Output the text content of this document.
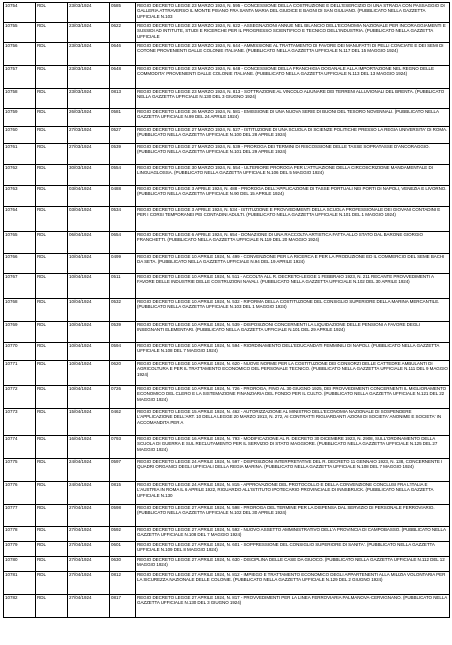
10754	RDL	23/03/1924	0585	REGIO DECRETO LEGGE 23 MARZO 1924, N. 595 - CONCESSIONE DELLA COSTRUZIONE E DELL'ESERCIZIO DI UNA STRADA CON PASSAGGIO DI GALLERIA ATTRAVERSO IL MONTE PISANO FRA SANTA MARIA DEL GIUDICE E BAGNI DI SAN GIULIANO. (PUBBLICATO NELLA GAZZETTA UFFICIALE N.103
10755	RDL	23/03/1924	0622	REGIO DECRETO LEGGE 23 MARZO 1924, N. 622 - ASSEGNAZIONI ANNUE NEL BILANCIO DELL'ECONOMIA NAZIONALE PER INCORAGGIAMENTI E SUSSIDI AD INTITUTE, STUDI E RICERCHE PER IL PROGRESSO SCIENTIFICO E TECNICO DELL'INDUSTRIA. (PUBBLICATO NELLA GAZZETTA UFFICIALE
10756	RDL	23/03/1924	0646	REGIO DECRETO LEGGE 23 MARZO 1924, N. 644 - AMMISSIONE AL TRATTAMENTO DI FAVORE DEI MANUFATTI DI PELLI CONCIATE E DEI SEMI DI COTONE PROVENIENTI DALLE COLONIE ITALIANE. (PUBBLICATO NELLA GAZZETTA UFFICIALE N.117 DEL 15 MAGGIO 1924)
10757	RDL	23/03/1924	0648	REGIO DECRETO LEGGE 23 MARZO 1924, N. 648 - CONCESSIONE DELLA FRANCHIGIA DOGANALE ALLA IMPORTAZIONE NEL REGNO DELLE COMMODITA' PROVENIENTI DALLE COLONIE ITALIANE. (PUBBLICATO NELLA GAZZETTA UFFICIALE N.113 DEL 13 MAGGIO 1924)
10758	RDL	23/03/1924	0813	REGIO DECRETO LEGGE 23 MARZO 1924, N. 813 - SOTTRAZIONE AL VINCOLO ALIUNARE DEI TERRENI ALLUVIONALI DEL BRENTA. (PUBBLICATO NELLA GAZZETTA UFFICIALE N.130 DEL 3 GIUGNO 1924)
10759	RDL	26/03/1924	0581	REGIO DECRETO LEGGE 26 MARZO 1924, N. 581 - EMISSIONE DI UNA NUOVA SERIE DI BUONI DEL TESORO NOVENNALI. (PUBBLICATO NELLA GAZZETTA UFFICIALE N.99 DEL 24 APRILE 1924)
10760	RDL	27/03/1924	0527	REGIO DECRETO LEGGE 27 MARZO 1924, N. 527 - ISTITUZIONE DI UNA SCUOLA DI SCIENZE POLITICHE PRESSO LA REGIA UNIVERSITA' DI ROMA. (PUBBLICATO NELLA GAZZETTA UFFICIALE N.100 DEL 28 APRILE 1924)
10761	RDL	27/03/1924	0539	REGIO DECRETO LEGGE 27 MARZO 1924, N. 539 - PROROGA DEI TERMINI DI RISCOSSIONE DELLE TASSE SOPRATASSE D'ANCORAGGIO. (PUBBLICATO NELLA GAZZETTA UFFICIALE N.101 DEL 29 APRILE 1924)
10762	RDL	30/03/1924	0554	REGIO DECRETO LEGGE 30 MARZO 1924, N. 554 - ULTERIORE PROROGA PER L'ATTUAZIONE DELLA CIRCOSCRIZIONE MANDAMENTALE DI LINGUAGLOSSA. (PUBBLICATO NELLA GAZZETTA UFFICIALE N.106 DEL 5 MAGGIO 1924)
10763	RDL	03/04/1924	0488	REGIO DECRETO LEGGE 3 APRILE 1924, N. 488 - PROROGA DELL'APPLICAZIONE DI TASSE PORTUALI NEI PORTI DI NAPOLI, VENEZIA E LIVORNO. (PUBBLICATO NELLA GAZZETTA UFFICIALE N.90 DEL 15 APRILE 1924)
10764	RDL	03/04/1924	0534	REGIO DECRETO LEGGE 3 APRILE 1924, N. 534 - ISTITUZIONE E PROVVEDIMENTI DELLA SCUOLA PROFESSIONALE DEI GIOVANI CONTADINI E PER I CORSI TEMPORANEI PEI CONTADINI ADULTI. (PUBBLICATO NELLA GAZZETTA UFFICIALE N.101 DEL 1 MAGGIO 1924)
10765	RDL	06/04/1924	0654	REGIO DECRETO LEGGE 6 APRILE 1924, N. 654 - DONAZIONE DI UNA RACCOLTA ARTISTICA FATTA ALLO STATO DAL BARONE GIORGIO FRANCHETTI. (PUBBLICATO NELLA GAZZETTA UFFICIALE N.119 DEL 20 MAGGIO 1924)
10766	RDL	10/04/1924	0499	REGIO DECRETO LEGGE 10 APRILE 1924, N. 499 - CONVENZIONE PER LA RICERCA E PER LA PRODUZIONE ED IL COMMERCIO DEL SEME BACHI DA SETA. (PUBBLICATO NELLA GAZZETTA UFFICIALE N.94 DEL 19 APRILE 1924)
10767	RDL	10/04/1924	0511	REGIO DECRETO LEGGE 10 APRILE 1924, N. 511 - ACCOLTA ALL R. DECRETO-LEGGE 1 FEBBRAIO 1923, N. 211 RECANTE PROVVEDIMENTI A FAVORE DELLE INDUSTRIE DELLE COSTRUZIONI NAVALI. (PUBBLICATO NELLA GAZZETTA UFFICIALE N.102 DEL 30 APRILE 1924)
10768	RDL	10/04/1924	0532	REGIO DECRETO LEGGE 10 APRILE 1924, N. 532 - RIFORMA DELLA COSTITUZIONE DEL CONSIGLIO SUPERIORE DELLA MARINA MERCANTILE. (PUBBLICATO NELLA GAZZETTA UFFICIALE N.103 DEL 1 MAGGIO 1924)
10769	RDL	10/04/1924	0539	REGIO DECRETO LEGGE 10 APRILE 1924, N. 539 - DISPOSIZIONI CONCERNENTI LA LIQUIDAZIONE DELLE PENSIONI A FAVORE DEGLI INSEGNANTI ELEMENTARI. (PUBBLICATO NELLA GAZZETTA UFFICIALE N.101 DEL 29 APRILE 1924)
10770	RDL	10/04/1924	0594	REGIO DECRETO LEGGE 10 APRILE 1924, N. 594 - RIORDINAMENTO DELL'EDUCANDATI FEMMINILI DI NAPOLI. (PUBBLICATO NELLA GAZZETTA UFFICIALE N.108 DEL 7 MAGGIO 1924)
10771	RDL	10/04/1924	0620	REGIO DECRETO LEGGE 10 APRILE 1924, N. 620 - NUOVE NORME PER LA COSTITUZIONE DEI CONSORZI DELLE CATTEDRE AMBULANTI DI AGRICOLTURA E PER IL TRATTAMENTO ECONOMICO DEL PERSONALE TECNICO. (PUBBLICATO NELLA GAZZETTA UFFICIALE N.111 DEL 9 MAGGIO 1924)
10772	RDL	10/04/1924	0726	REGIO DECRETO LEGGE 10 APRILE 1924, N. 726 - PROROGA, FINO AL 30 GIUGNO 1925, DEI PROVVEDIMENTI CONCERNENTI IL MIGLIORAMENTO ECONOMICO DEL CLERO E LA SISTEMAZIONE FINANZIARIA DEL FONDO PER IL CULTO. (PUBBLICATO NELLA GAZZETTA UFFICIALE N.121 DEL 22 MAGGIO 1924)
10773	RDL	15/04/1924	0462	REGIO DECRETO LEGGE 15 APRILE 1924, N. 462 - AUTORIZZAZIONE AL MINISTRO DELL'ECONOMIA NAZIONALE DI SOSPENDERE L'APPLICAZIONE DELL'ART. 10 DELLA LEGGE 20 MARZO 1913, N. 272, AI CONTRATTI RIGUARDANTI AZIONI DI SOCIETA' ANONIME E SOCIETA' IN ACCOMANDITA PER A
10774	RDL	16/04/1924	0793	REGIO DECRETO LEGGE 16 APRILE 1924, N. 793 - MODIFICAZIONE AL R. DECRETO 30 DICEMBRE 1923, N. 2908, SULL'ORDINAMENTO DELLA SCUOLA DI GUERRA E SUL RECLUTAMENTO PER IL SERVIZIO DI STATO MAGGIORE. (PUBBLICATO NELLA GAZZETTA UFFICIALE N.125 DEL 27 MAGGIO 1924)
10775	RDL	24/04/1924	0597	REGIO DECRETO LEGGE 24 APRILE 1924, N. 597 - DISPOSIZIONI INTERPRETATIVE DEL R. DECRETO 11 GENNAIO 1923, N. 138, CONCERNENTE I QUADRI ORGANICI DEGLI UFFICIALI DELLA REGIA MARINA. (PUBBLICATO NELLA GAZZETTA UFFICIALE N.108 DEL 7 MAGGIO 1924)
10776	RDL	24/04/1924	0815	REGIO DECRETO LEGGE 24 APRILE 1924, N. 815 - APPROVAZIONE DEL PROTOCOLLO E DELLA CONVENZIONE CONCLUSI FRA L'ITALIA E L'AUSTRIA IN ROMA IL 6 APRILE 1922, RIGUARDO ALL'ISTITUTO IPOTECARIO PROVINCIALE DI INNSBRUCK. (PUBBLICATO NELLA GAZZETTA UFFICIALE N.130
10777	RDL	27/04/1924	0598	REGIO DECRETO LEGGE 27 APRILE 1924, N. 598 - PROROGA DEL TERMINE PER LA DISPENSA DAL SERVIZIO DI PERSONALE FERROVIARIO. (PUBBLICATO NELLA GAZZETTA UFFICIALE N.102 DEL 30 APRILE 1924)
10778	RDL	27/04/1924	0592	REGIO DECRETO LEGGE 27 APRILE 1924, N. 592 - NUOVO ASSETTO AMMINISTRATIVO DELL'A PROVINCIA DI CAMPOBASSO. (PUBBLICATO NELLA GAZZETTA UFFICIALE N.108 DEL 7 MAGGIO 1924)
10779	RDL	27/04/1924	0601	REGIO DECRETO LEGGE 27 APRILE 1924, N. 601 - SOPPRESSIONE DEL CONSIGLIO SUPERIORE DI SANITA'. (PUBBLICATO NELLA GAZZETTA UFFICIALE N.109 DEL 8 MAGGIO 1924)
10780	RDL	27/04/1924	0630	REGIO DECRETO LEGGE 27 APRILE 1924, N. 630 - DISCIPLINA DELLE CASE DA GIUOCO. (PUBBLICATO NELLA GAZZETTA UFFICIALE N.112 DEL 12 MAGGIO 1924)
10781	RDL	27/04/1924	0812	REGIO DECRETO LEGGE 27 APRILE 1924, N. 812 - IMPIEGO E TRATTAMENTO ECONOMICO DEGLI APPARTENENTI ALLA MILIZIA VOLONTARIA PER LA SICUREZZA NAZIONALE DELLE COLONIE. (PUBBLICATO NELLA GAZZETTA UFFICIALE N.129 DEL 2 GIUGNO 1924)
10782	RDL	27/04/1924	0817	REGIO DECRETO LEGGE 27 APRILE 1924, N. 817 - PROVVEDIMENTI PER LA LINEA FERROVIARIA PALMANOVA-CERVIGNANO. (PUBBLICATO NELLA GAZZETTA UFFICIALE N.130 DEL 3 GIUGNO 1924)
